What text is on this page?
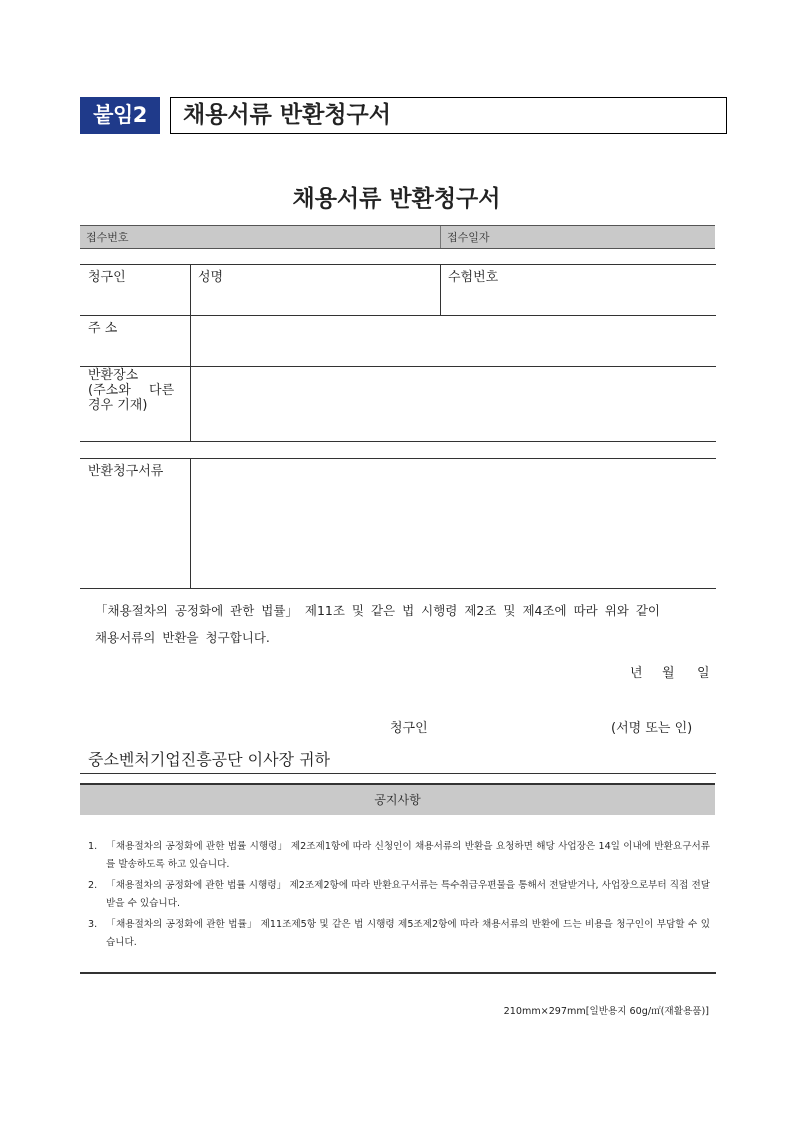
붙임2	채용서류 반환청구서
채용서류 반환청구서
접수번호	접수일자
청구인	성명	수험번호
주 소
반환장소
(주소와  다른
경우 기재)
반환청구서류
「채용절차의 공정화에 관한 법률」 제11조 및 같은 법 시행령 제2조 및 제4조에 따라 위와 같이
채용서류의 반환을 청구합니다.
년 월 일
청구인	(서명 또는 인)
중소벤처기업진흥공단 이사장 귀하
공지사항
1. 「채용절차의 공정화에 관한 법률 시행령」 제2조제1항에 따라 신청인이 채용서류의 반환을 요청하면 해당 사업장은 14일 이내에 반환요구서류를 발송하도록 하고 있습니다.
2. 「채용절차의 공정화에 관한 법률 시행령」 제2조제2항에 따라 반환요구서류는 특수취급우편물을 통해서 전달받거나, 사업장으로부터 직접 전달받을 수 있습니다.
3. 「채용절차의 공정화에 관한 법률」 제11조제5항 및 같은 법 시행령 제5조제2항에 따라 채용서류의 반환에 드는 비용을 청구인이 부담할 수 있습니다.
210mm×297mm[일반용지 60g/㎡(재활용품)]
